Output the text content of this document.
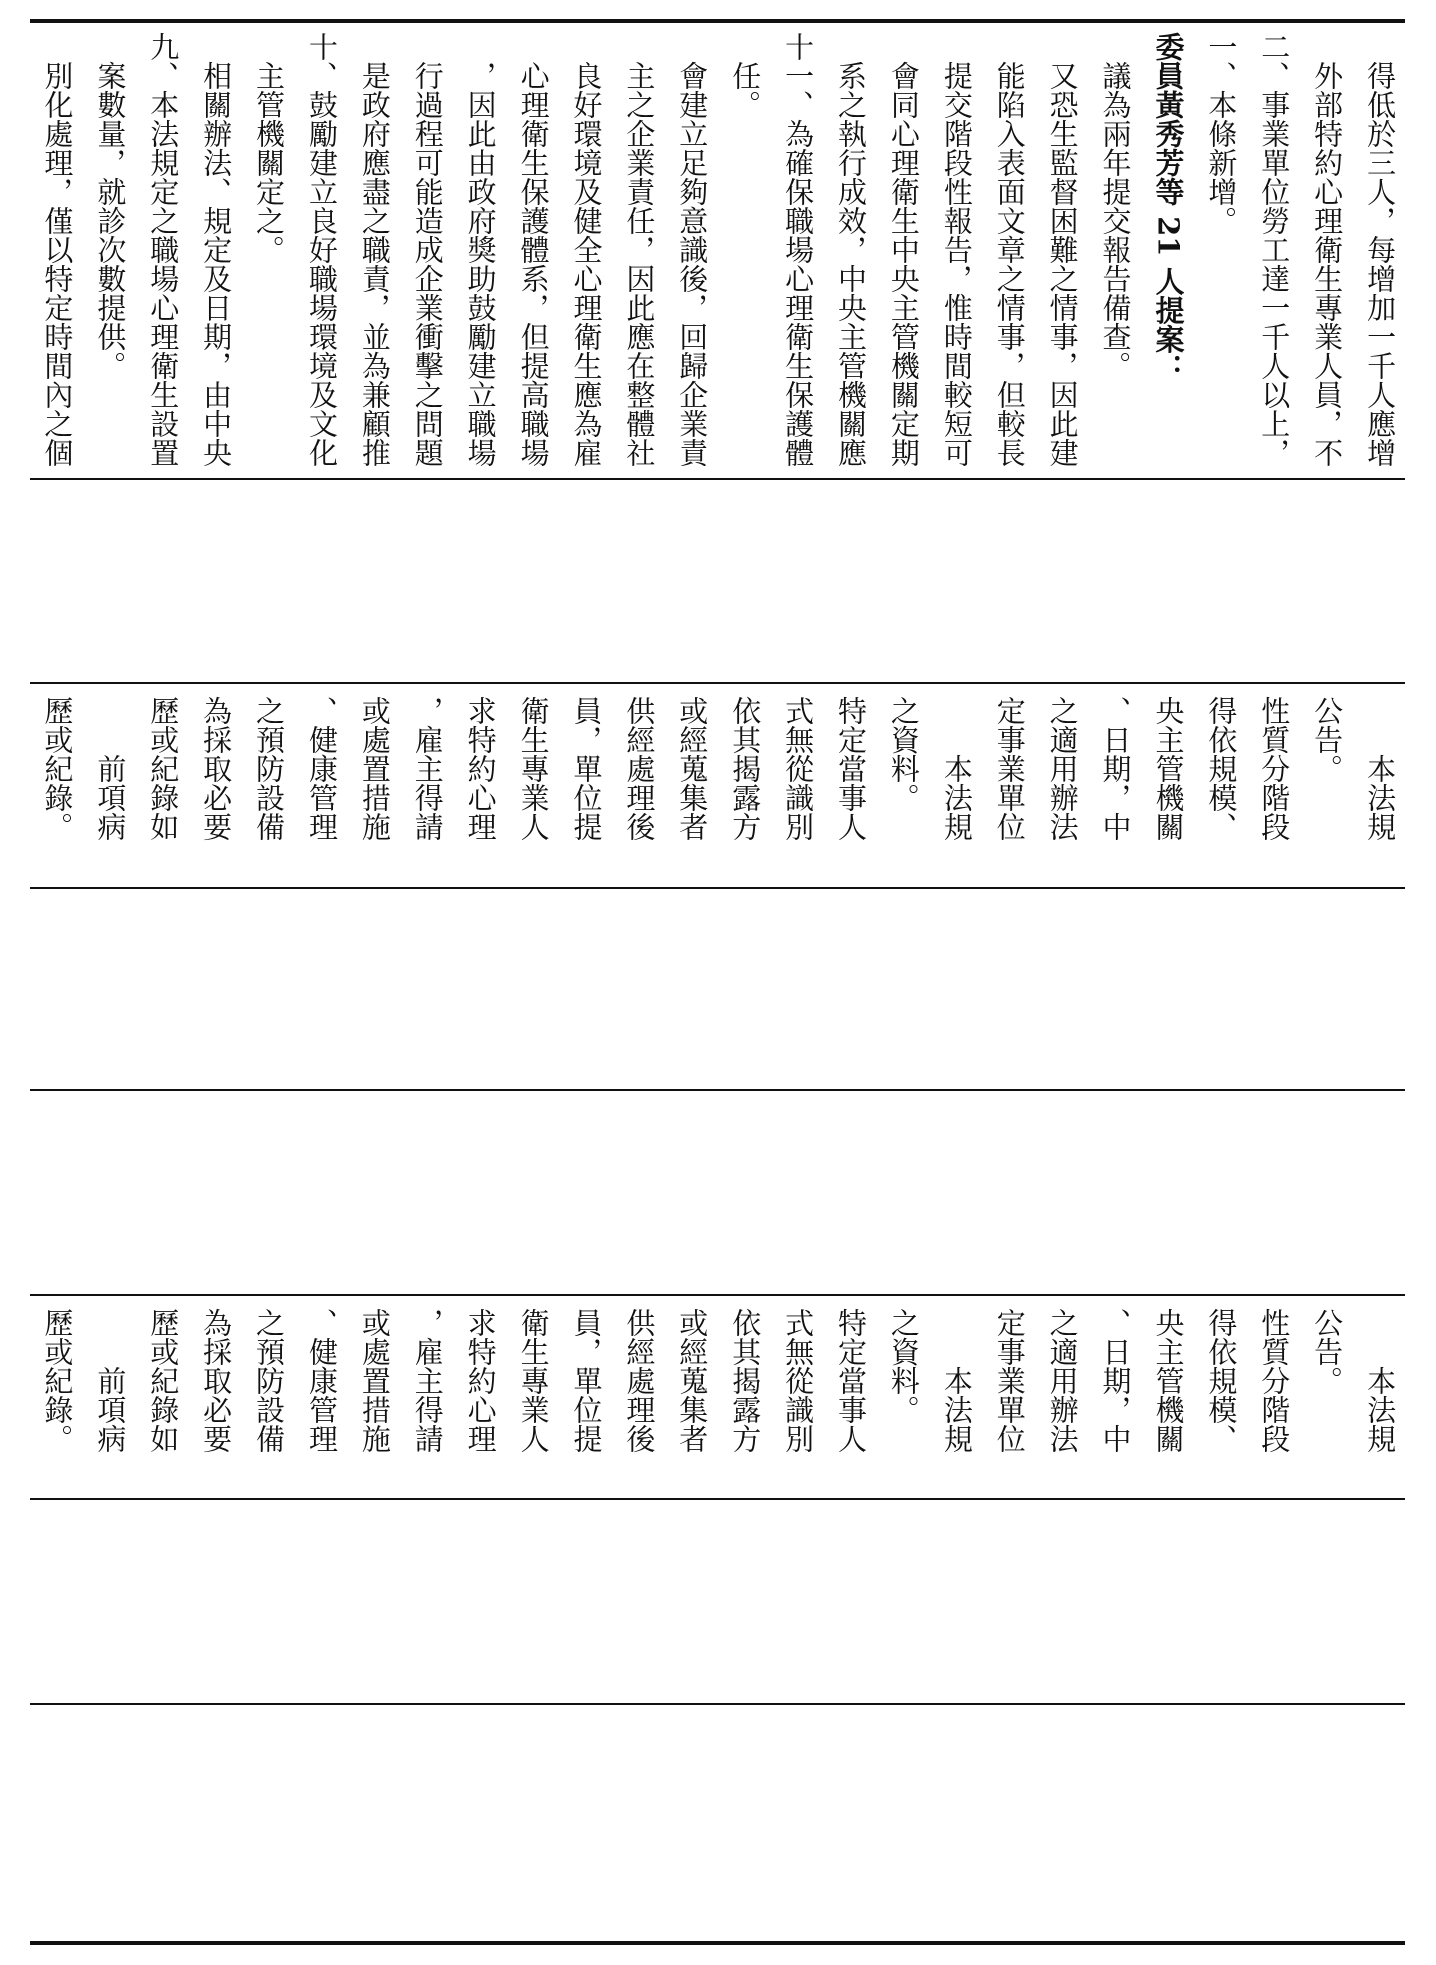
別化處理，僅以特定時間內之個 案數量，就診次數提供。 九、本法規定之職場心理衛生設置 相關辦法、規定及日期，由中央 主管機關定之。 十、鼓勵建立良好職場環境及文化 是政府應盡之職責，並為兼顧推 行過程可能造成企業衝擊之問題 ，因此由政府獎助鼓勵建立職場 心理衛生保護體系，但提高職場 良好環境及健全心理衛生應為雇 主之企業責任，因此應在整體社 會建立足夠意識後，回歸企業責 任。 十一、為確保職場心理衛生保護體 系之執行成效，中央主管機關應 會同心理衛生中央主管機關定期 提交階段性報告，惟時間較短可 能陷入表面文章之情事，但較長 又恐生監督困難之情事，因此建 議為兩年提交報告備查。 委員黃秀芳等 21 人提案： 一、本條新增。 二、事業單位勞工達一千人以上， 外部特約心理衛生專業人員，不 得低於三人，每增加一千人應增
歷或紀錄。 前項病 歷或紀錄如 為採取必要 之預防設備 、健康管理 或處置措施 ，雇主得請 求特約心理 衛生專業人 員，單位提 供經處理後 或經蒐集者 依其揭露方 式無從識別 特定當事人 之資料。 本法規 定事業單位 之適用辦法 、日期，中 央主管機關 得依規模、 性質分階段 公告。
本法規
歷或紀錄。 前項病 歷或紀錄如 為採取必要 之預防設備 、健康管理 或處置措施 ，雇主得請 求特約心理 衛生專業人 員，單位提 供經處理後 或經蒐集者 依其揭露方 式無從識別 特定當事人 之資料。 本法規 定事業單位 之適用辦法 、日期，中 央主管機關 得依規模、 性質分階段 公告。
本法規
